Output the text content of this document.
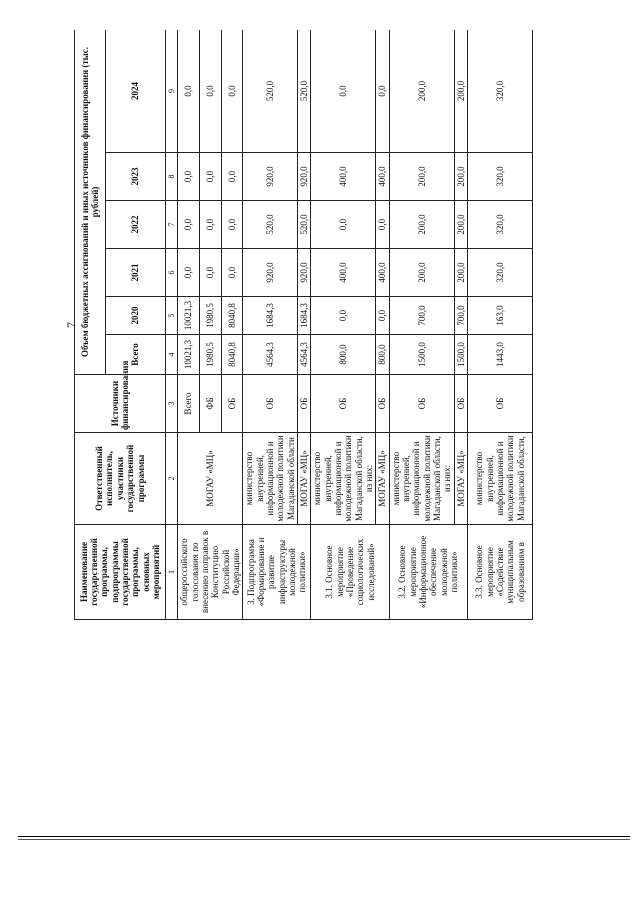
7
Наименование государственной программы, подпрограммы государственной программы, основных мероприятий	Ответственный исполнитель, участники государственной программы	Источники финансирования	Объем бюджетных ассигнований и иных источников финансирования (тыс. рублей)					
			Всего	2020	2021	2022	2023	2024
1	2	3	4	5	6	7	8	9
общероссийского голосования по внесению поправок в Конституцию Российской Федерации»	МОГАУ «МЦ»	Всего	10021,3	10021,3	0,0	0,0	0,0	0,0
		ФБ	1980,5	1980,5	0,0	0,0	0,0	0,0
		ОБ	8040,8	8040,8	0,0	0,0	0,0	0,0
3. Подпрограмма «Формирование и развитие инфраструктуры молодежной политики»	министерство внутренней, информационной и молодежной политики Магаданской области	ОБ	4564,3	1684,3	920,0	520,0	920,0	520,0
	МОГАУ «МЦ»	ОБ	4564,3	1684,3	920,0	520,0	920,0	520,0
3.1. Основное мероприятие «Проведение социологических исследований»	министерство внутренней, информационной и молодежной политики Магаданской области, из них:	ОБ	800,0	0,0	400,0	0,0	400,0	0,0
	МОГАУ «МЦ»	ОБ	800,0	0,0	400,0	0,0	400,0	0,0
3.2. Основное мероприятие «Информационное обеспечение молодежной политики»	министерство внутренней, информационной и молодежной политики Магаданской области, из них:	ОБ	1500,0	700,0	200,0	200,0	200,0	200,0
	МОГАУ «МЦ»	ОБ	1500,0	700,0	200,0	200,0	200,0	200,0
3.3. Основное мероприятие «Содействие муниципальным образованиям в	министерство внутренней, информационной и молодежной политики Магаданской области,	ОБ	1443,0	163,0	320,0	320,0	320,0	320,0
